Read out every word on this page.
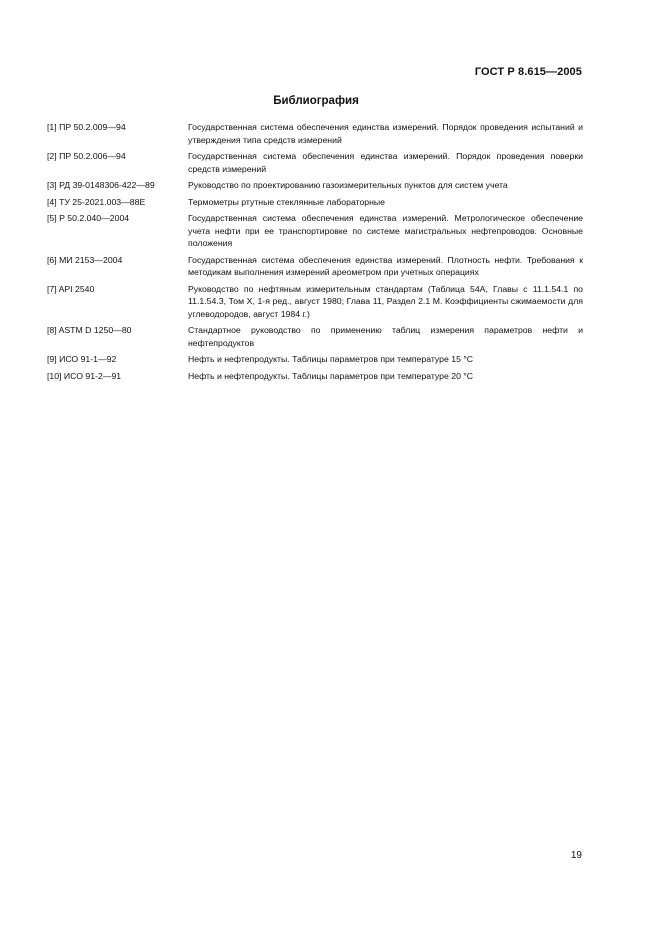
ГОСТ Р 8.615—2005
Библиография
[1] ПР 50.2.009—94	Государственная система обеспечения единства измерений. Порядок проведения испытаний и утверждения типа средств измерений
[2] ПР 50.2.006—94	Государственная система обеспечения единства измерений. Порядок проведения поверки средств измерений
[3] РД 39-0148306-422—89	Руководство по проектированию газоизмерительных пунктов для систем учета
[4] ТУ 25-2021.003—88Е	Термометры ртутные стеклянные лабораторные
[5] Р 50.2.040—2004	Государственная система обеспечения единства измерений. Метрологическое обеспечение учета нефти при ее транспортировке по системе магистральных нефтепроводов. Основные положения
[6] МИ 2153—2004	Государственная система обеспечения единства измерений. Плотность нефти. Требования к методикам выполнения измерений ареометром при учетных операциях
[7] API 2540	Руководство по нефтяным измерительным стандартам (Таблица 54А, Главы с 11.1.54.1 по 11.1.54.3, Том X, 1-я ред., август 1980; Глава 11, Раздел 2.1 М. Коэффициенты сжимаемости для углеводородов, август 1984 г.)
[8] ASTM D 1250—80	Стандартное руководство по применению таблиц измерения параметров нефти и нефтепродуктов
[9] ИСО 91-1—92	Нефть и нефтепродукты. Таблицы параметров при температуре 15 °С
[10] ИСО 91-2—91	Нефть и нефтепродукты. Таблицы параметров при температуре 20 °С
19
